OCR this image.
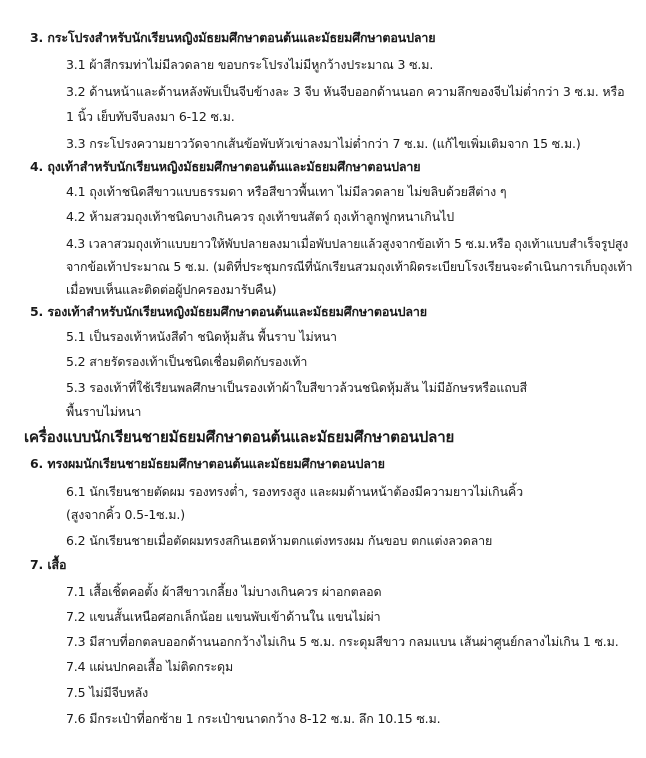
3. กระโปรงสำหรับนักเรียนหญิงมัธยมศึกษาตอนต้นและมัธยมศึกษาตอนปลาย
3.1 ผ้าสีกรมท่าไม่มีลวดลาย ขอบกระโปรงไม่มีหูกว้างประมาณ 3 ซ.ม.
3.2 ด้านหน้าและด้านหลังพับเป็นจีบข้างละ 3 จีบ หันจีบออกด้านนอก ความลึกของจีบไม่ต่ำกว่า 3 ซ.ม. หรือ
1 นิ้ว เย็บทับจีบลงมา 6-12 ซ.ม.
3.3 กระโปรงความยาววัดจากเส้นข้อพับหัวเข่าลงมาไม่ต่ำกว่า 7 ซ.ม. (แก้ไขเพิ่มเติมจาก 15 ซ.ม.)
4. ถุงเท้าสำหรับนักเรียนหญิงมัธยมศึกษาตอนต้นและมัธยมศึกษาตอนปลาย
4.1 ถุงเท้าชนิดสีขาวแบบธรรมดา หรือสีขาวพื้นเทา ไม่มีลวดลาย ไม่ขลิบด้วยสีต่าง ๆ
4.2 ห้ามสวมถุงเท้าชนิดบางเกินควร ถุงเท้าขนสัตว์ ถุงเท้าลูกฟูกหนาเกินไป
4.3 เวลาสวมถุงเท้าแบบยาวให้พับปลายลงมาเมื่อพับปลายแล้วสูงจากข้อเท้า 5 ซ.ม.หรือ ถุงเท้าแบบสำเร็จรูปสูง
จากข้อเท้าประมาณ 5 ซ.ม. (มติที่ประชุมกรณีที่นักเรียนสวมถุงเท้าผิดระเบียบโรงเรียนจะดำเนินการเก็บถุงเท้า
เมื่อพบเห็นและติดต่อผู้ปกครองมารับคืน)
5. รองเท้าสำหรับนักเรียนหญิงมัธยมศึกษาตอนต้นและมัธยมศึกษาตอนปลาย
5.1 เป็นรองเท้าหนังสีดำ ชนิดหุ้มส้น พื้นราบ ไม่หนา
5.2 สายรัดรองเท้าเป็นชนิดเชื่อมติดกับรองเท้า
5.3 รองเท้าที่ใช้เรียนพลศึกษาเป็นรองเท้าผ้าใบสีขาวล้วนชนิดหุ้มส้น ไม่มีอักษรหรือแถบสี
พื้นราบไม่หนา
เครื่องแบบนักเรียนชายมัธยมศึกษาตอนต้นและมัธยมศึกษาตอนปลาย
6. ทรงผมนักเรียนชายมัธยมศึกษาตอนต้นและมัธยมศึกษาตอนปลาย
6.1 นักเรียนชายตัดผม รองทรงต่ำ, รองทรงสูง และผมด้านหน้าต้องมีความยาวไม่เกินคิ้ว
(สูงจากคิ้ว 0.5-1ซ.ม.)
6.2 นักเรียนชายเมื่อตัดผมทรงสกินเฮดห้ามตกแต่งทรงผม กันขอบ ตกแต่งลวดลาย
7. เสื้อ
7.1 เสื้อเชิ้ตคอตั้ง ผ้าสีขาวเกลี้ยง ไม่บางเกินควร ผ่าอกตลอด
7.2 แขนสั้นเหนือศอกเล็กน้อย แขนพับเข้าด้านใน แขนไม่ผ่า
7.3 มีสาบที่อกตลบออกด้านนอกกว้างไม่เกิน 5 ซ.ม. กระดุมสีขาว กลมแบน เส้นผ่าศูนย์กลางไม่เกิน 1 ซ.ม.
7.4 แผ่นปกคอเสื้อ ไม่ติดกระดุม
7.5 ไม่มีจีบหลัง
7.6 มีกระเป๋าที่อกซ้าย 1 กระเป๋าขนาดกว้าง 8-12 ซ.ม. ลึก 10.15 ซ.ม.
